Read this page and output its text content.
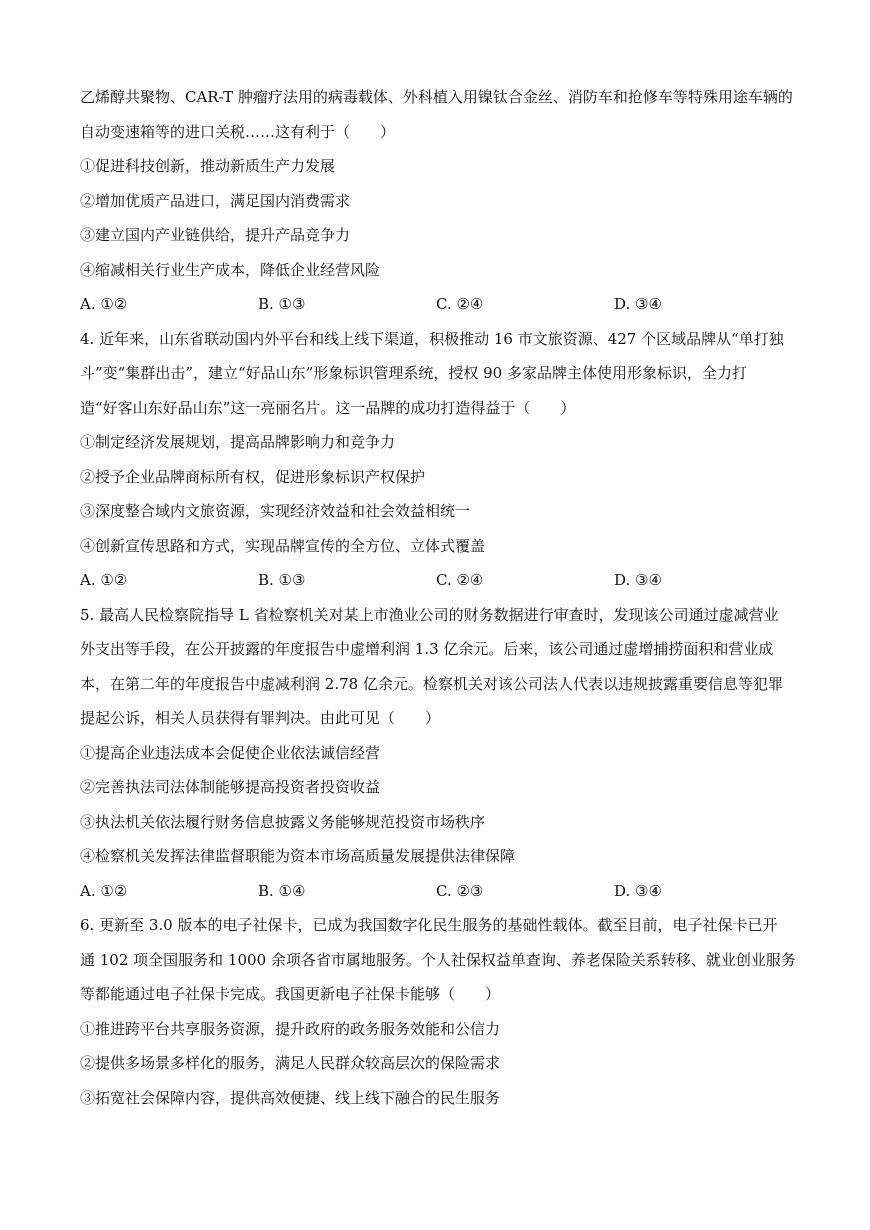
乙烯醇共聚物、CAR-T 肿瘤疗法用的病毒载体、外科植入用镍钛合金丝、消防车和抢修车等特殊用途车辆的
自动变速箱等的进口关税……这有利于（　　）
①促进科技创新，推动新质生产力发展
②增加优质产品进口，满足国内消费需求
③建立国内产业链供给，提升产品竞争力
④缩减相关行业生产成本，降低企业经营风险
A. ①②	B. ①③	C. ②④	D. ③④
4. 近年来，山东省联动国内外平台和线上线下渠道，积极推动 16 市文旅资源、427 个区域品牌从“单打独
斗”变“集群出击”，建立“好品山东”形象标识管理系统，授权 90 多家品牌主体使用形象标识，全力打
造“好客山东好品山东”这一亮丽名片。这一品牌的成功打造得益于（　　）
①制定经济发展规划，提高品牌影响力和竞争力
②授予企业品牌商标所有权，促进形象标识产权保护
③深度整合域内文旅资源，实现经济效益和社会效益相统一
④创新宣传思路和方式，实现品牌宣传的全方位、立体式覆盖
A. ①②	B. ①③	C. ②④	D. ③④
5. 最高人民检察院指导 L 省检察机关对某上市渔业公司的财务数据进行审查时，发现该公司通过虚减营业
外支出等手段，在公开披露的年度报告中虚增利润 1.3 亿余元。后来，该公司通过虚增捕捞面积和营业成
本，在第二年的年度报告中虚减利润 2.78 亿余元。检察机关对该公司法人代表以违规披露重要信息等犯罪
提起公诉，相关人员获得有罪判决。由此可见（　　）
①提高企业违法成本会促使企业依法诚信经营
②完善执法司法体制能够提高投资者投资收益
③执法机关依法履行财务信息披露义务能够规范投资市场秩序
④检察机关发挥法律监督职能为资本市场高质量发展提供法律保障
A. ①②	B. ①④	C. ②③	D. ③④
6. 更新至 3.0 版本的电子社保卡，已成为我国数字化民生服务的基础性载体。截至目前，电子社保卡已开
通 102 项全国服务和 1000 余项各省市属地服务。个人社保权益单查询、养老保险关系转移、就业创业服务
等都能通过电子社保卡完成。我国更新电子社保卡能够（　　）
①推进跨平台共享服务资源，提升政府的政务服务效能和公信力
②提供多场景多样化的服务，满足人民群众较高层次的保险需求
③拓宽社会保障内容，提供高效便捷、线上线下融合的民生服务
